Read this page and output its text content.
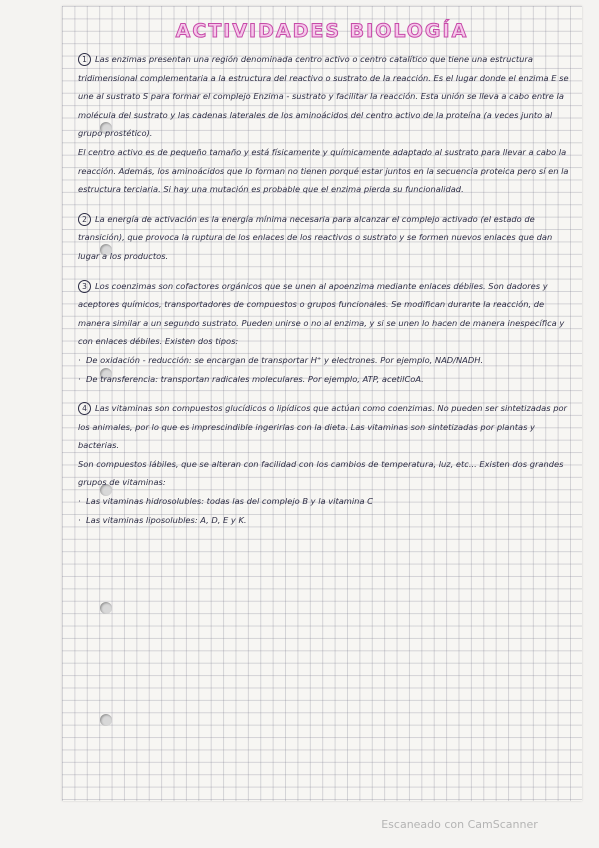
ACTIVIDADES BIOLOGÍA

1 Las enzimas presentan una región denominada centro activo o centro catalítico que tiene una estructura tridimensional complementaria a la estructura del reactivo o sustrato de la reacción. Es el lugar donde el enzima E se une al sustrato S para formar el complejo Enzima - sustrato y facilitar la reacción. Esta unión se lleva a cabo entre la molécula del sustrato y las cadenas laterales de los aminoácidos del centro activo de la proteína (a veces junto al grupo prostético).
El centro activo es de pequeño tamaño y está físicamente y químicamente adaptado al sustrato para llevar a cabo la reacción. Además, los aminoácidos que lo forman no tienen porqué estar juntos en la secuencia proteica pero sí en la estructura terciaria. Si hay una mutación es probable que el enzima pierda su funcionalidad.

2 La energía de activación es la energía mínima necesaria para alcanzar el complejo activado (el estado de transición), que provoca la ruptura de los enlaces de los reactivos o sustrato y se formen nuevos enlaces que dan lugar a los productos.

3 Los coenzimas son cofactores orgánicos que se unen al apoenzima mediante enlaces débiles. Son dadores y aceptores químicos, transportadores de compuestos o grupos funcionales. Se modifican durante la reacción, de manera similar a un segundo sustrato. Pueden unirse o no al enzima, y si se unen lo hacen de manera inespecífica y con enlaces débiles. Existen dos tipos:
· De oxidación - reducción: se encargan de transportar H⁺ y electrones. Por ejemplo, NAD/NADH.
· De transferencia: transportan radicales moleculares. Por ejemplo, ATP, acetilCoA.
4 Las vitaminas son compuestos glucídicos o lipídicos que actúan como coenzimas. No pueden ser sintetizadas por los animales, por lo que es imprescindible ingerirlas con la dieta. Las vitaminas son sintetizadas por plantas y bacterias.
Son compuestos lábiles, que se alteran con facilidad con los cambios de temperatura, luz, etc... Existen dos grandes grupos de vitaminas:
· Las vitaminas hidrosolubles: todas las del complejo B y la vitamina C
· Las vitaminas liposolubles: A, D, E y K.
Escaneado con CamScanner
